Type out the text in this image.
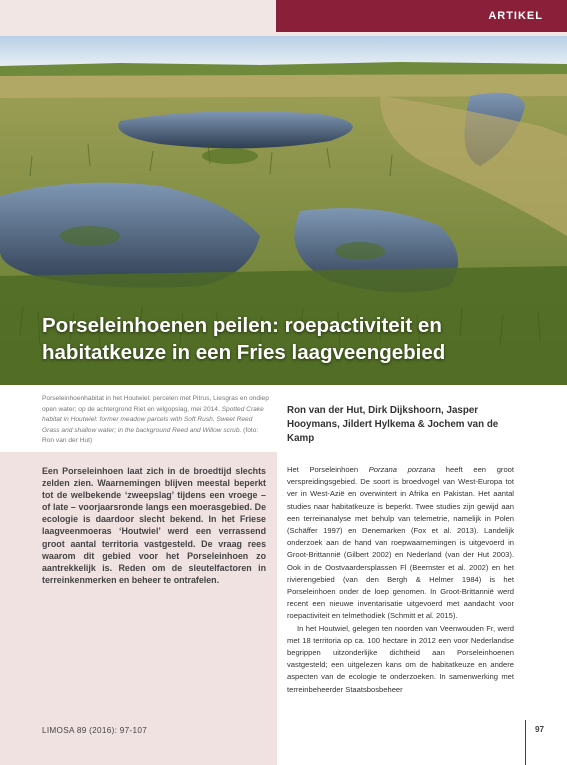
ARTIKEL
Porseleinhoenen peilen: roepactiviteit en habitatkeuze in een Fries laagveengebied
Porseleinhoenhabitat in het Houtwiel: percelen met Pitrus, Liesgras en ondiep open water; op de achtergrond Riet en wilgopslag, mei 2014. Spotted Crake habitat in Houtwiel: former meadow parcels with Soft Rush, Sweet Reed Grass and shallow water; in the background Reed and Willow scrub. (foto: Ron van der Hut)
Ron van der Hut, Dirk Dijkshoorn, Jasper Hooymans, Jildert Hylkema & Jochem van de Kamp
Een Porseleinhoen laat zich in de broedtijd slechts zelden zien. Waarnemingen blijven meestal beperkt tot de welbekende ‘zweepslag’ tijdens een vroege – of late – voorjaarsronde langs een moerasgebied. De ecologie is daardoor slecht bekend. In het Friese laagveenmoeras ‘Houtwiel’ werd een verrassend groot aantal territoria vastgesteld. De vraag rees waarom dit gebied voor het Porseleinhoen zo aantrekkelijk is. Reden om de sleutelfactoren in terreinkenmerken en beheer te ontrafelen.

Het Porseleinhoen Porzana porzana heeft een groot verspreidingsgebied. De soort is broedvogel van West-Europa tot ver in West-Azië en overwintert in Afrika en Pakistan. Het aantal studies naar habitatkeuze is beperkt. Twee studies zijn gewijd aan een terreinanalyse met behulp van telemetrie, namelijk in Polen (Schäffer 1997) en Denemarken (Fox et al. 2013). Landelijk onderzoek aan de hand van roepwaarnemingen is uitgevoerd in Groot-Brittannië (Gilbert 2002) en Nederland (van der Hut 2003). Ook in de Oostvaardersplassen Fl (Beemster et al. 2002) en het rivierengebied (van den Bergh & Helmer 1984) is het Porseleinhoen onder de loep genomen. In Groot-Brittannië werd recent een nieuwe inventarisatie uitgevoerd met aandacht voor roepactiviteit en telmethodiek (Schmitt et al. 2015).

In het Houtwiel, gelegen ten noorden van Veenwouden Fr, werd met 18 territoria op ca. 100 hectare in 2012 een voor Nederlandse begrippen uitzonderlijke dichtheid aan Porseleinhoenen vastgesteld; een uitgelezen kans om de habitatkeuze en andere aspecten van de ecologie te onderzoeken. In samenwerking met terreinbeheerder Staatsbosbeheer

LIMOSA 89 (2016): 97-107	97
